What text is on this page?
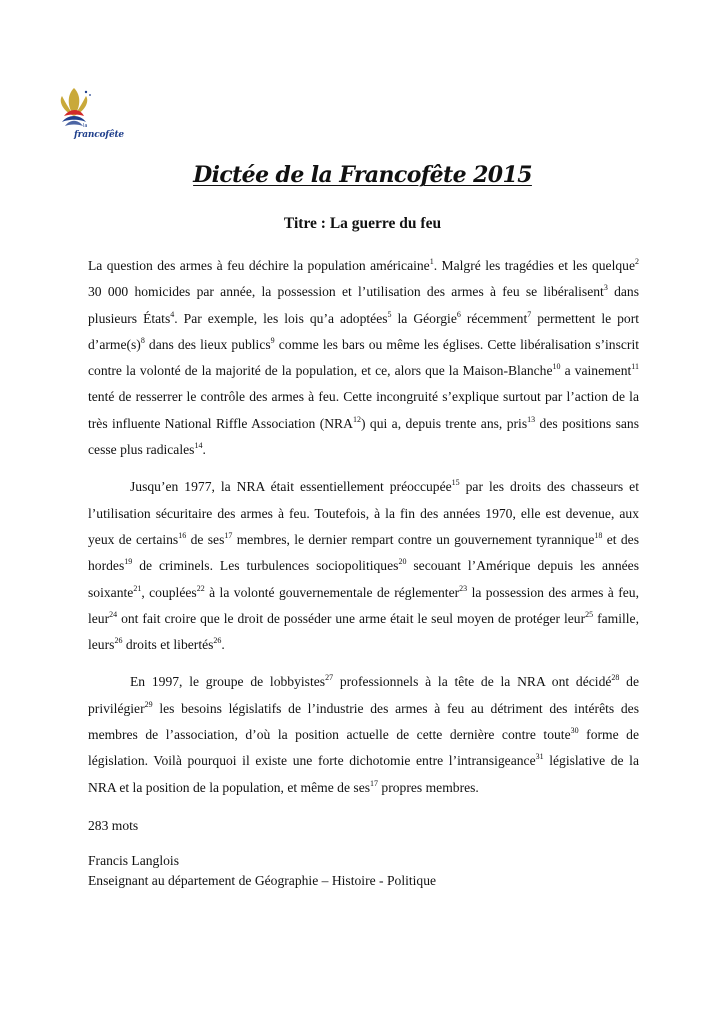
la
francofête
Dictée de la Francofête 2015
Titre : La guerre du feu

La question des armes à feu déchire la population américaine$^1$. Malgré les tragédies et les quelque$^2$ 30 000 homicides par année, la possession et l’utilisation des armes à feu se libéralisent$^3$ dans plusieurs États$^4$. Par exemple, les lois qu’a adoptées$^5$ la Géorgie$^6$ récemment$^7$ permettent le port $d’arme(s)^8$ dans des lieux publics$^9$ comme les bars ou même les églises. Cette libéralisation s’inscrit contre la volonté de la majorité de la population, et ce, alors que la Maison-Blanche$^{10}$ a vainement$^{11}$ tenté de resserrer le contrôle des armes à feu. Cette incongruité s’explique surtout par l’action de la très influente National Riffle Association (NRA$^{12}$) qui a, depuis trente ans, pris$^{13}$ des positions sans cesse plus radicales$^{14}$.

Jusqu’en 1977, la NRA était essentiellement préoccupée$^{15}$ par les droits des chasseurs et l’utilisation sécuritaire des armes à feu. Toutefois, à la fin des années 1970, elle est devenue, aux yeux de certains$^{16}$ de ses$^{17}$ membres, le dernier rempart contre un gouvernement tyrannique$^{18}$ et des hordes$^{19}$ de criminels. Les turbulences sociopolitiques$^{20}$ secouant l’Amérique depuis les années soixante$^{21}$, couplées$^{22}$ à la volonté gouvernementale de réglementer$^{23}$ la possession des armes à feu, leur$^{24}$ ont fait croire que le droit de posséder une arme était le seul moyen de protéger leur$^{25}$ famille, leurs$^{26}$ droits et libertés$^{26}$.

En 1997, le groupe de lobbyistes$^{27}$ professionnels à la tête de la NRA ont décidé$^{28}$ de privilégier$^{29}$ les besoins législatifs de l’industrie des armes à feu au détriment des intérêts des membres de l’association, d’où la position actuelle de cette dernière contre toute$^{30}$ forme de législation. Voilà pourquoi il existe une forte dichotomie entre l’intransigeance$^{31}$ législative de la NRA et la position de la population, et même de ses$^{17}$ propres membres.

283 mots
Francis Langlois
Enseignant au département de Géographie – Histoire - Politique
